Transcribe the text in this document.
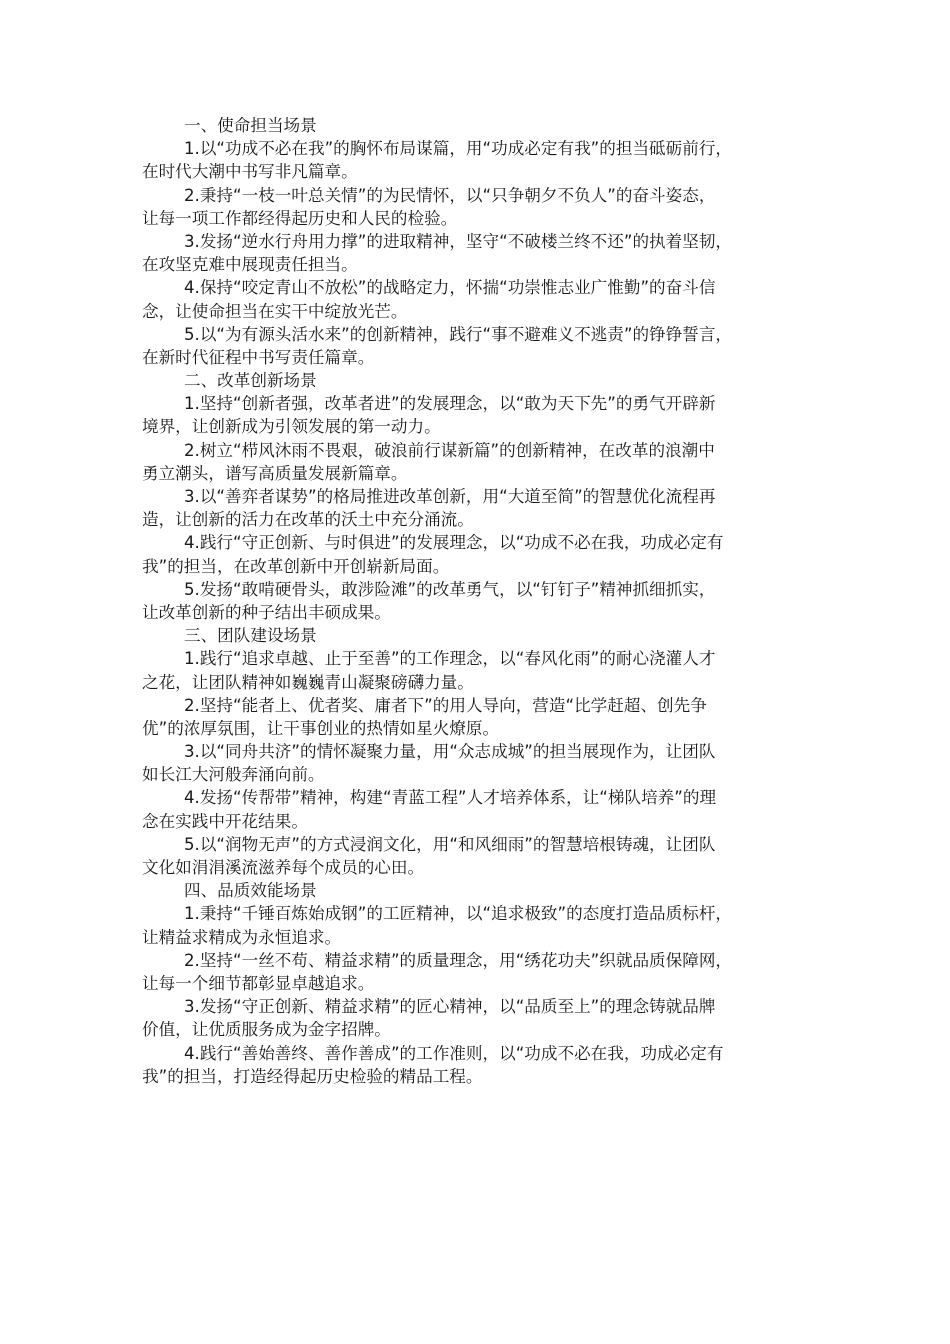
一、使命担当场景
1.以“功成不必在我”的胸怀布局谋篇，用“功成必定有我”的担当砥砺前行，
在时代大潮中书写非凡篇章。
2.秉持“一枝一叶总关情”的为民情怀，以“只争朝夕不负人”的奋斗姿态，
让每一项工作都经得起历史和人民的检验。
3.发扬“逆水行舟用力撑”的进取精神，坚守“不破楼兰终不还”的执着坚韧，
在攻坚克难中展现责任担当。
4.保持“咬定青山不放松”的战略定力，怀揣“功崇惟志业广惟勤”的奋斗信
念，让使命担当在实干中绽放光芒。
5.以“为有源头活水来”的创新精神，践行“事不避难义不逃责”的铮铮誓言，
在新时代征程中书写责任篇章。
二、改革创新场景
1.坚持“创新者强，改革者进”的发展理念，以“敢为天下先”的勇气开辟新
境界，让创新成为引领发展的第一动力。
2.树立“栉风沐雨不畏艰，破浪前行谋新篇”的创新精神，在改革的浪潮中
勇立潮头，谱写高质量发展新篇章。
3.以“善弈者谋势”的格局推进改革创新，用“大道至简”的智慧优化流程再
造，让创新的活力在改革的沃土中充分涌流。
4.践行“守正创新、与时俱进”的发展理念，以“功成不必在我，功成必定有
我”的担当，在改革创新中开创崭新局面。
5.发扬“敢啃硬骨头，敢涉险滩”的改革勇气，以“钉钉子”精神抓细抓实，
让改革创新的种子结出丰硕成果。
三、团队建设场景
1.践行“追求卓越、止于至善”的工作理念，以“春风化雨”的耐心浇灌人才
之花，让团队精神如巍巍青山凝聚磅礴力量。
2.坚持“能者上、优者奖、庸者下”的用人导向，营造“比学赶超、创先争
优”的浓厚氛围，让干事创业的热情如星火燎原。
3.以“同舟共济”的情怀凝聚力量，用“众志成城”的担当展现作为，让团队
如长江大河般奔涌向前。
4.发扬“传帮带”精神，构建“青蓝工程”人才培养体系，让“梯队培养”的理
念在实践中开花结果。
5.以“润物无声”的方式浸润文化，用“和风细雨”的智慧培根铸魂，让团队
文化如涓涓溪流滋养每个成员的心田。
四、品质效能场景
1.秉持“千锤百炼始成钢”的工匠精神，以“追求极致”的态度打造品质标杆，
让精益求精成为永恒追求。
2.坚持“一丝不苟、精益求精”的质量理念，用“绣花功夫”织就品质保障网，
让每一个细节都彰显卓越追求。
3.发扬“守正创新、精益求精”的匠心精神，以“品质至上”的理念铸就品牌
价值，让优质服务成为金字招牌。
4.践行“善始善终、善作善成”的工作准则，以“功成不必在我，功成必定有
我”的担当，打造经得起历史检验的精品工程。
